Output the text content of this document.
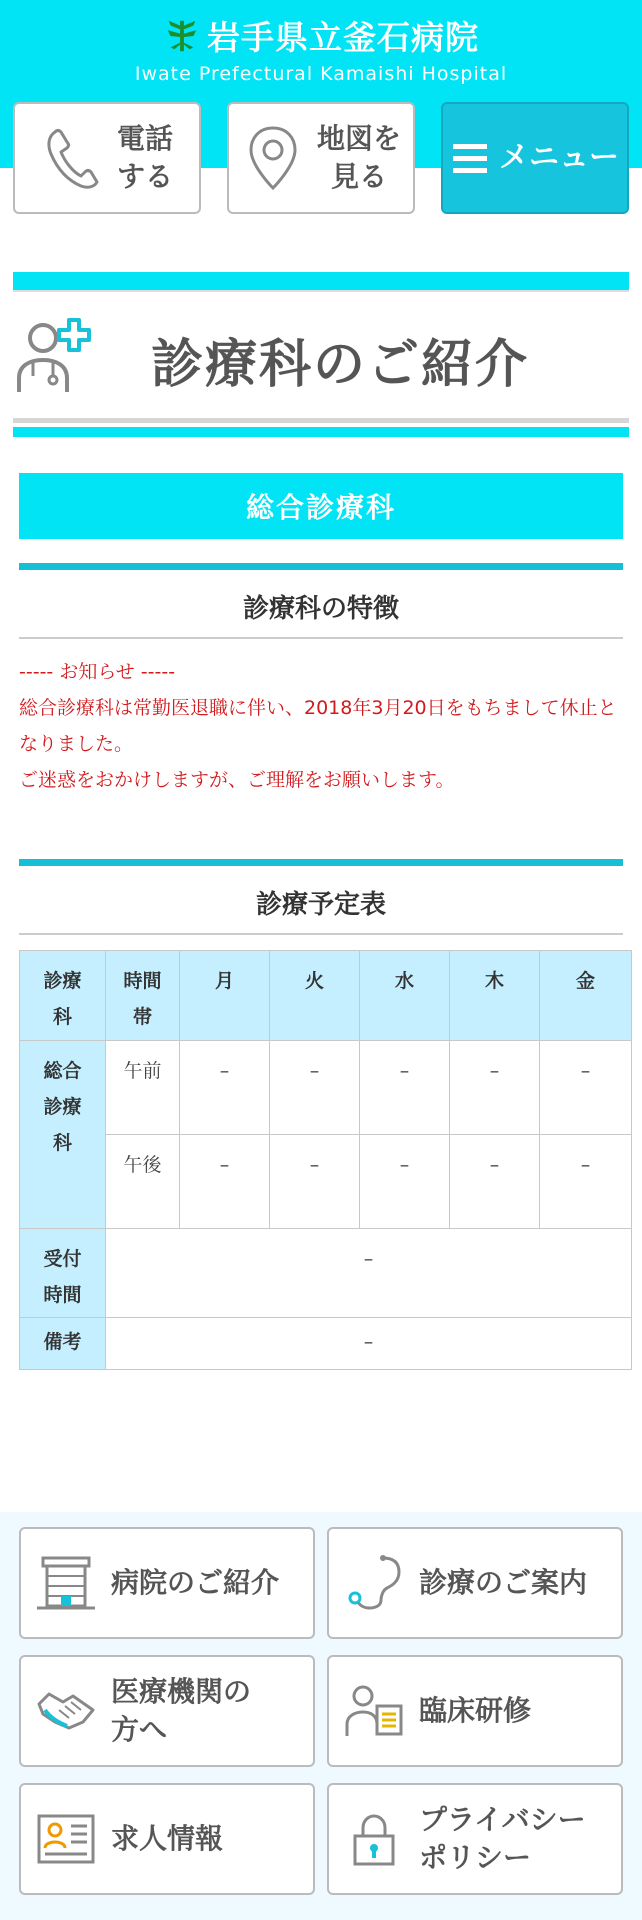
岩手県立釜石病院
Iwate Prefectural Kamaishi Hospital
電話
する
地図を
見る
メニュー
診療科のご紹介
総合診療科
診療科の特徴

----- お知らせ -----

総合診療科は常勤医退職に伴い、2018年3月20日をもちまして休止となりました。

ご迷惑をおかけしますが、ご理解をお願いします。

診療予定表
診療科	時間帯	月	火	水	木	金
総合診療科	午前	–	–	–	–	–
	午後	–	–	–	–	–
受付時間	–					
備考	–					
病院のご紹介	診療のご案内
医療機関の
方へ
臨床研修
求人情報
プライバシー
ポリシー
